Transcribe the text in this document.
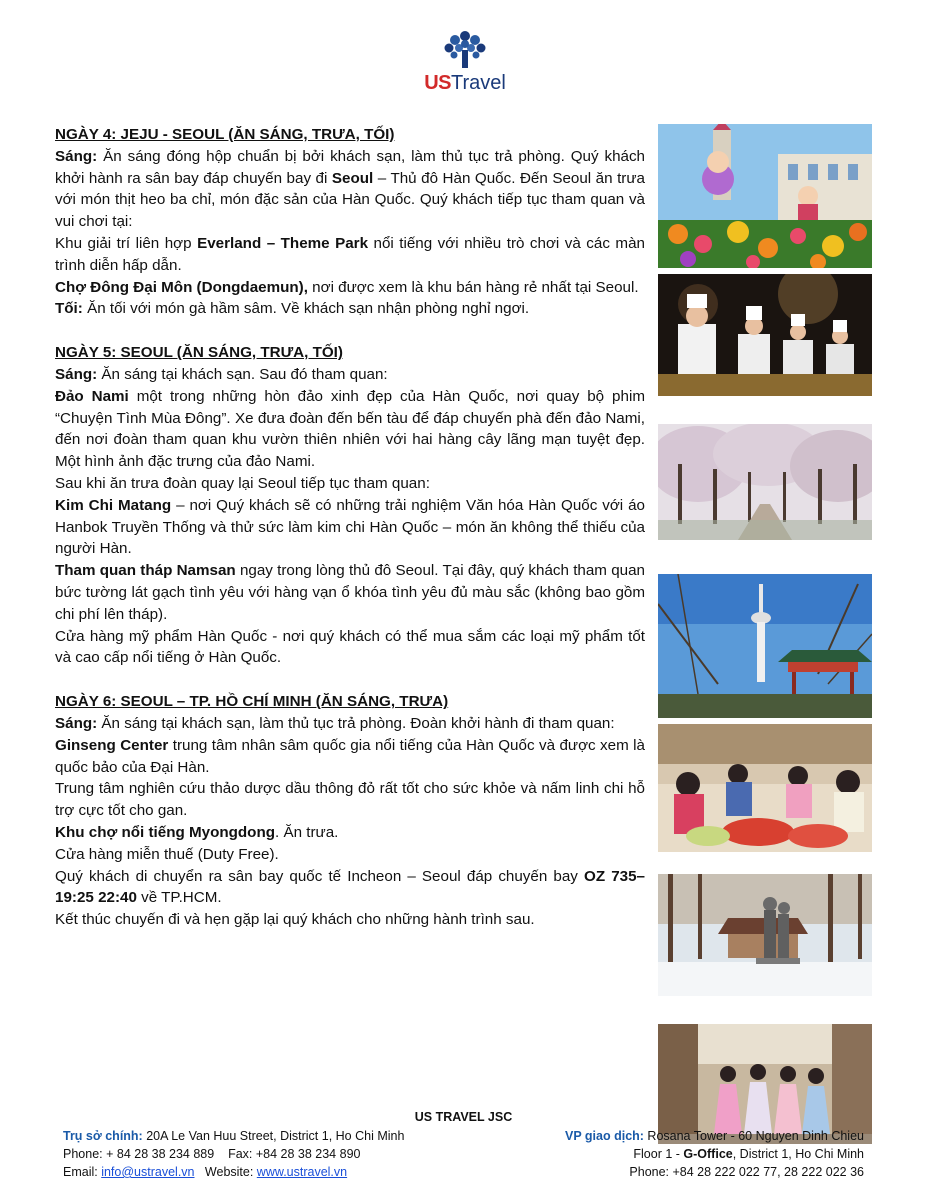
USTravel
NGÀY 4: JEJU - SEOUL (ĂN SÁNG, TRƯA, TỐI)
Sáng: Ăn sáng đóng hộp chuẩn bị bởi khách sạn, làm thủ tục trả phòng. Quý khách khởi hành ra sân bay đáp chuyến bay đi Seoul – Thủ đô Hàn Quốc. Đến Seoul ăn trưa với món thịt heo ba chỉ, món đặc sản của Hàn Quốc. Quý khách tiếp tục tham quan và vui chơi tại:
Khu giải trí liên hợp Everland – Theme Park nổi tiếng với nhiều trò chơi và các màn trình diễn hấp dẫn.
Chợ Đông Đại Môn (Dongdaemun), nơi được xem là khu bán hàng rẻ nhất tại Seoul.
Tối: Ăn tối với món gà hầm sâm. Về khách sạn nhận phòng nghỉ ngơi.
NGÀY 5: SEOUL (ĂN SÁNG, TRƯA, TỐI)
Sáng: Ăn sáng tại khách sạn. Sau đó tham quan:
Đảo Nami một trong những hòn đảo xinh đẹp của Hàn Quốc, nơi quay bộ phim “Chuyện Tình Mùa Đông”. Xe đưa đoàn đến bến tàu để đáp chuyến phà đến đảo Nami, đến nơi đoàn tham quan khu vườn thiên nhiên với hai hàng cây lãng mạn tuyệt đẹp. Một hình ảnh đặc trưng của đảo Nami.
Sau khi ăn trưa đoàn quay lại Seoul tiếp tục tham quan:
Kim Chi Matang – nơi Quý khách sẽ có những trải nghiệm Văn hóa Hàn Quốc với áo Hanbok Truyền Thống và thử sức làm kim chi Hàn Quốc – món ăn không thể thiếu của người Hàn.
Tham quan tháp Namsan ngay trong lòng thủ đô Seoul. Tại đây, quý khách tham quan bức tường lát gạch tình yêu với hàng vạn ổ khóa tình yêu đủ màu sắc (không bao gồm chi phí lên tháp).
Cửa hàng mỹ phẩm Hàn Quốc - nơi quý khách có thể mua sắm các loại mỹ phẩm tốt và cao cấp nổi tiếng ở Hàn Quốc.
NGÀY 6: SEOUL – TP. HỒ CHÍ MINH (ĂN SÁNG, TRƯA)
Sáng: Ăn sáng tại khách sạn, làm thủ tục trả phòng. Đoàn khởi hành đi tham quan:
Ginseng Center trung tâm nhân sâm quốc gia nổi tiếng của Hàn Quốc và được xem là quốc bảo của Đại Hàn.
Trung tâm nghiên cứu thảo dược dầu thông đỏ rất tốt cho sức khỏe và nấm linh chi hỗ trợ cực tốt cho gan.
Khu chợ nổi tiếng Myongdong. Ăn trưa.
Cửa hàng miễn thuế (Duty Free).
Quý khách di chuyển ra sân bay quốc tế Incheon – Seoul đáp chuyến bay OZ 735– 19:25 22:40 về TP.HCM.
Kết thúc chuyến đi và hẹn gặp lại quý khách cho những hành trình sau.
US TRAVEL JSC
Trụ sở chính: 20A Le Van Huu Street, District 1, Ho Chi Minh
Phone: + 84 28 38 234 889    Fax: +84 28 38 234 890
Email: info@ustravel.vn   Website: www.ustravel.vn
VP giao dịch: Rosana Tower - 60 Nguyen Dinh Chieu
Floor 1 - G-Office, District 1, Ho Chi Minh
Phone: +84 28 222 022 77, 28 222 022 36
